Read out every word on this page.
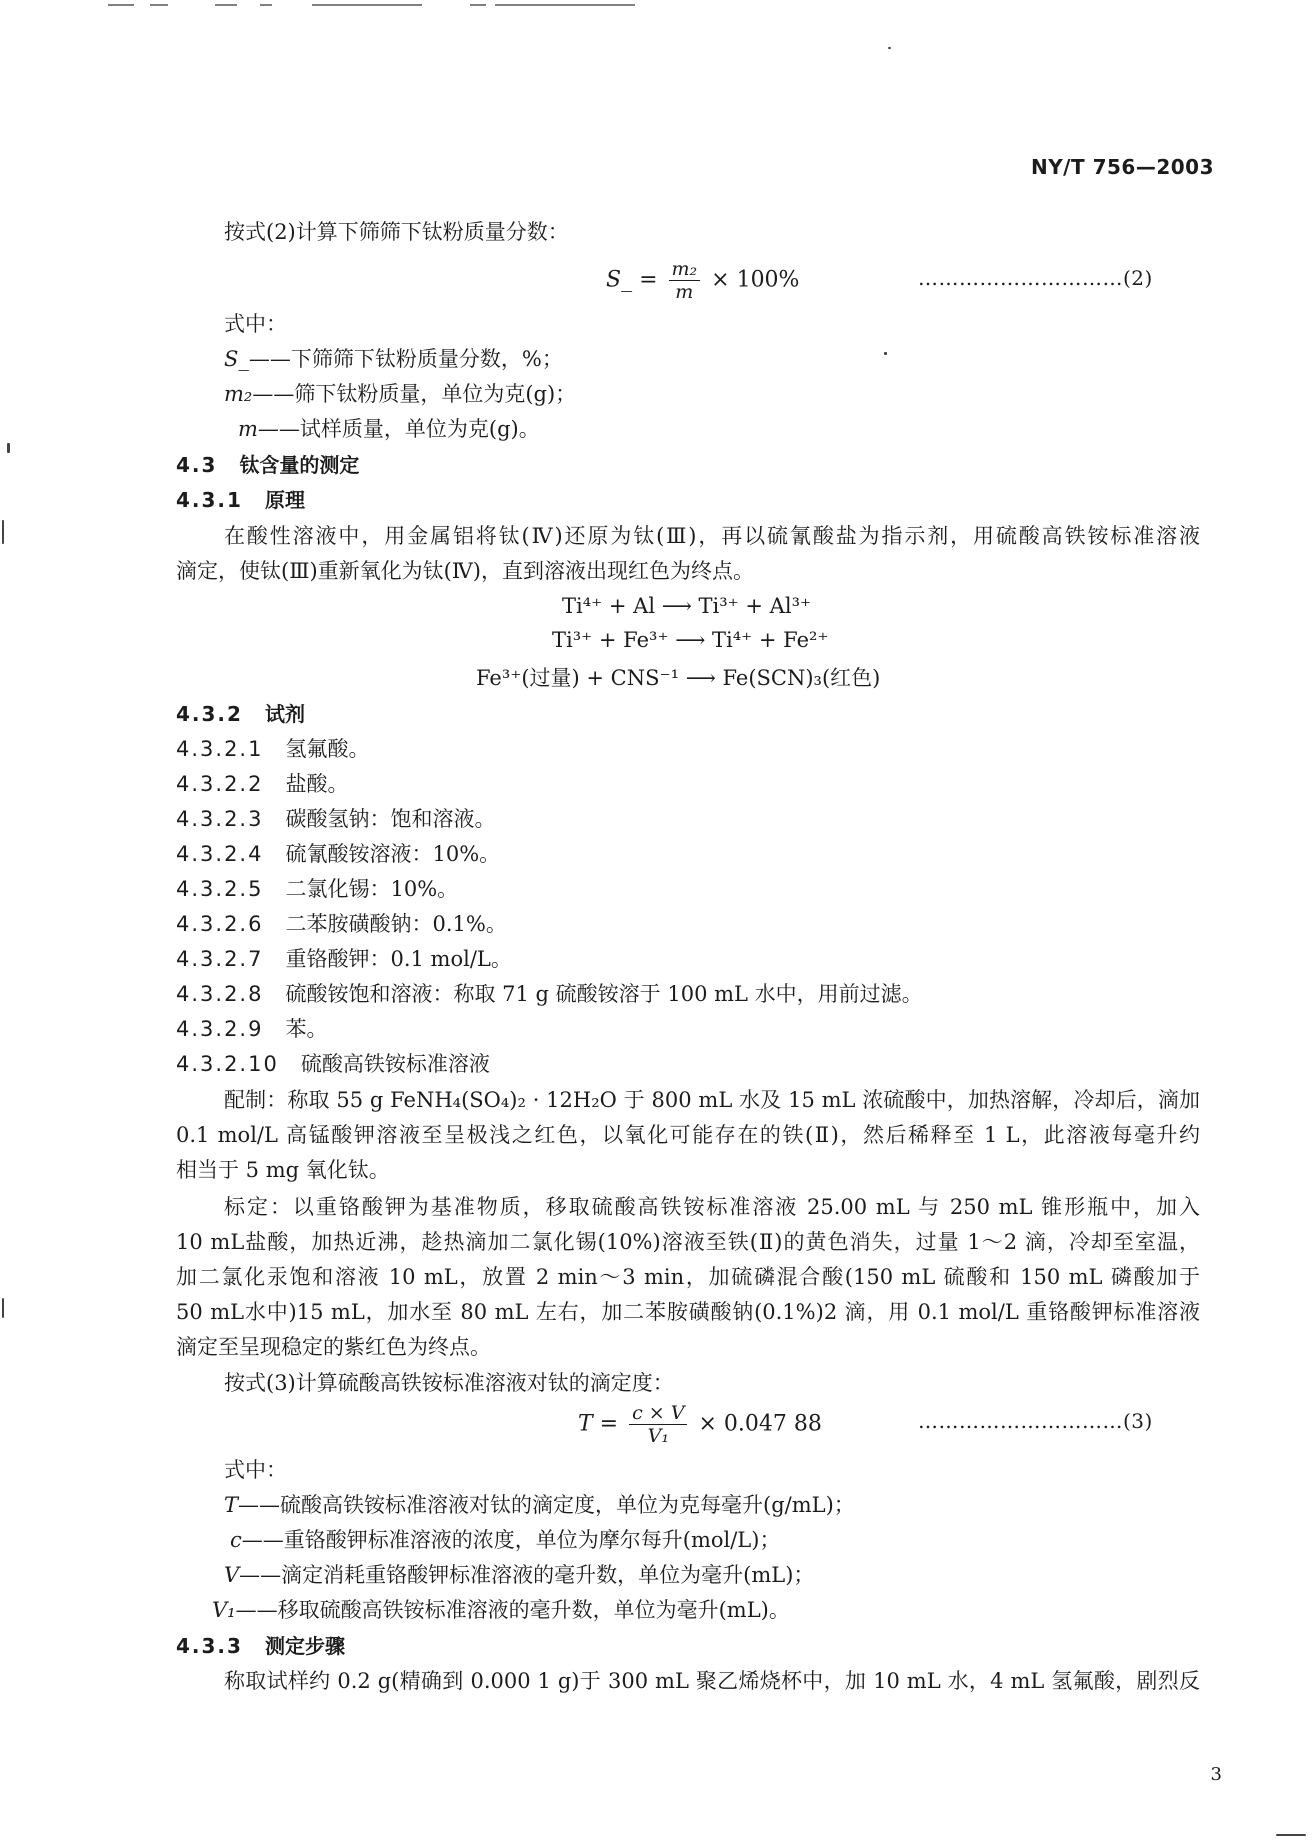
NY/T 756—2003
按式(2)计算下筛筛下钛粉质量分数：
S_ = $\frac{\text{m₂}}{m} \times 100\%$	…………………………(2)
式中：
S_——下筛筛下钛粉质量分数，%；
m₂——筛下钛粉质量，单位为克(g)；
m——试样质量，单位为克(g)。
4.3 钛含量的测定
4.3.1 原理
在酸性溶液中，用金属铝将钛(Ⅳ)还原为钛(Ⅲ)，再以硫氰酸盐为指示剂，用硫酸高铁铵标准溶液
滴定，使钛(Ⅲ)重新氧化为钛(Ⅳ)，直到溶液出现红色为终点。
Ti⁴⁺ + Al ⟶ Ti³⁺ + Al³⁺
Ti³⁺ + Fe³⁺ ⟶ Ti⁴⁺ + Fe²⁺
Fe³⁺(过量) + CNS⁻¹ ⟶ Fe(SCN)₃(红色)
4.3.2 试剂
4.3.2.1 氢氟酸。
4.3.2.2 盐酸。
4.3.2.3 碳酸氢钠：饱和溶液。
4.3.2.4 硫氰酸铵溶液：10%。
4.3.2.5 二氯化锡：10%。
4.3.2.6 二苯胺磺酸钠：0.1%。
4.3.2.7 重铬酸钾：0.1 mol/L。
4.3.2.8 硫酸铵饱和溶液：称取 71 g 硫酸铵溶于 100 mL 水中，用前过滤。
4.3.2.9 苯。
4.3.2.10 硫酸高铁铵标准溶液
配制：称取 55 g FeNH₄(SO₄)₂ · 12H₂O 于 800 mL 水及 15 mL 浓硫酸中，加热溶解，冷却后，滴加
0.1 mol/L 高锰酸钾溶液至呈极浅之红色，以氧化可能存在的铁(Ⅱ)，然后稀释至 1 L，此溶液每毫升约
相当于 5 mg 氧化钛。
标定：以重铬酸钾为基准物质，移取硫酸高铁铵标准溶液 25.00 mL 与 250 mL 锥形瓶中，加入
10 mL盐酸，加热近沸，趁热滴加二氯化锡(10%)溶液至铁(Ⅱ)的黄色消失，过量 1～2 滴，冷却至室温，
加二氯化汞饱和溶液 10 mL，放置 2 min～3 min，加硫磷混合酸(150 mL 硫酸和 150 mL 磷酸加于
50 mL水中)15 mL，加水至 80 mL 左右，加二苯胺磺酸钠(0.1%)2 滴，用 0.1 mol/L 重铬酸钾标准溶液
滴定至呈现稳定的紫红色为终点。
按式(3)计算硫酸高铁铵标准溶液对钛的滴定度：
$T = \frac{c \times V}{\text{V₁}} \times 0.047$ 88	…………………………(3)
式中：
T——硫酸高铁铵标准溶液对钛的滴定度，单位为克每毫升(g/mL)；
c——重铬酸钾标准溶液的浓度，单位为摩尔每升(mol/L)；
V——滴定消耗重铬酸钾标准溶液的毫升数，单位为毫升(mL)；
V₁——移取硫酸高铁铵标准溶液的毫升数，单位为毫升(mL)。
4.3.3 测定步骤
称取试样约 0.2 g(精确到 0.000 1 g)于 300 mL 聚乙烯烧杯中，加 10 mL 水，4 mL 氢氟酸，剧烈反
3
